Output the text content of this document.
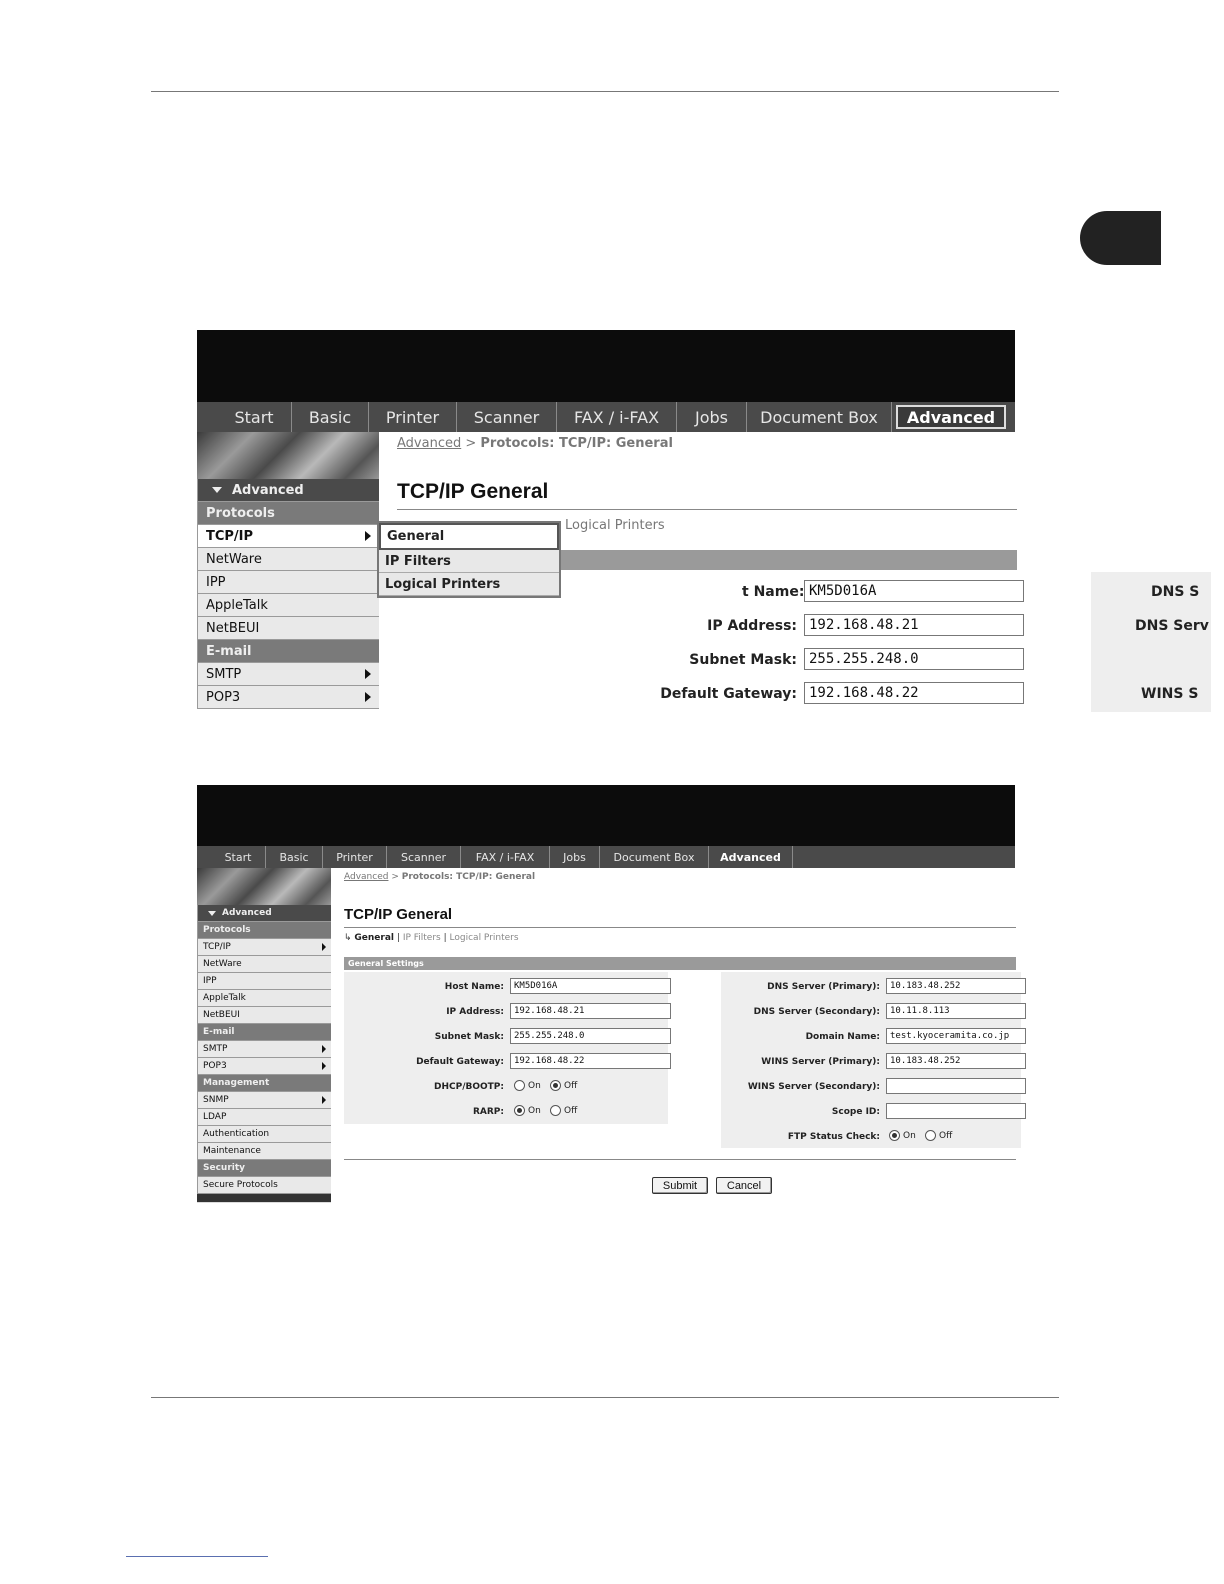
Start	Basic	Printer	Scanner	FAX / i-FAX	Jobs	Document Box	Advanced
Advanced
Protocols
TCP/IP
NetWare
IPP
AppleTalk
NetBEUI
E-mail
SMTP
POP3
Advanced > Protocols: TCP/IP: General
TCP/IP General
Logical Printers
t Name: KM5D016A
IP Address: 192.168.48.21
Subnet Mask: 255.255.248.0
Default Gateway: 192.168.48.22
DNS S
DNS Serv
WINS S
General
IP Filters
Logical Printers
Start	Basic	Printer	Scanner	FAX / i-FAX	Jobs	Document Box	Advanced
Advanced
Protocols
TCP/IP
NetWare
IPP
AppleTalk
NetBEUI
E-mail
SMTP
POP3
Management
SNMP
LDAP
Authentication
Maintenance
Security
Secure Protocols
Advanced > Protocols: TCP/IP: General
TCP/IP General
↳ General | IP Filters | Logical Printers
General Settings
Host Name:	KM5D016A
IP Address:	192.168.48.21
Subnet Mask:	255.255.248.0
Default Gateway:	192.168.48.22
DHCP/BOOTP:	On	Off
RARP:	On	Off
DNS Server (Primary):	10.183.48.252
DNS Server (Secondary):	10.11.8.113
Domain Name:	test.kyoceramita.co.jp
WINS Server (Primary):	10.183.48.252
WINS Server (Secondary):
Scope ID:
FTP Status Check:	On	Off
Submit	Cancel
